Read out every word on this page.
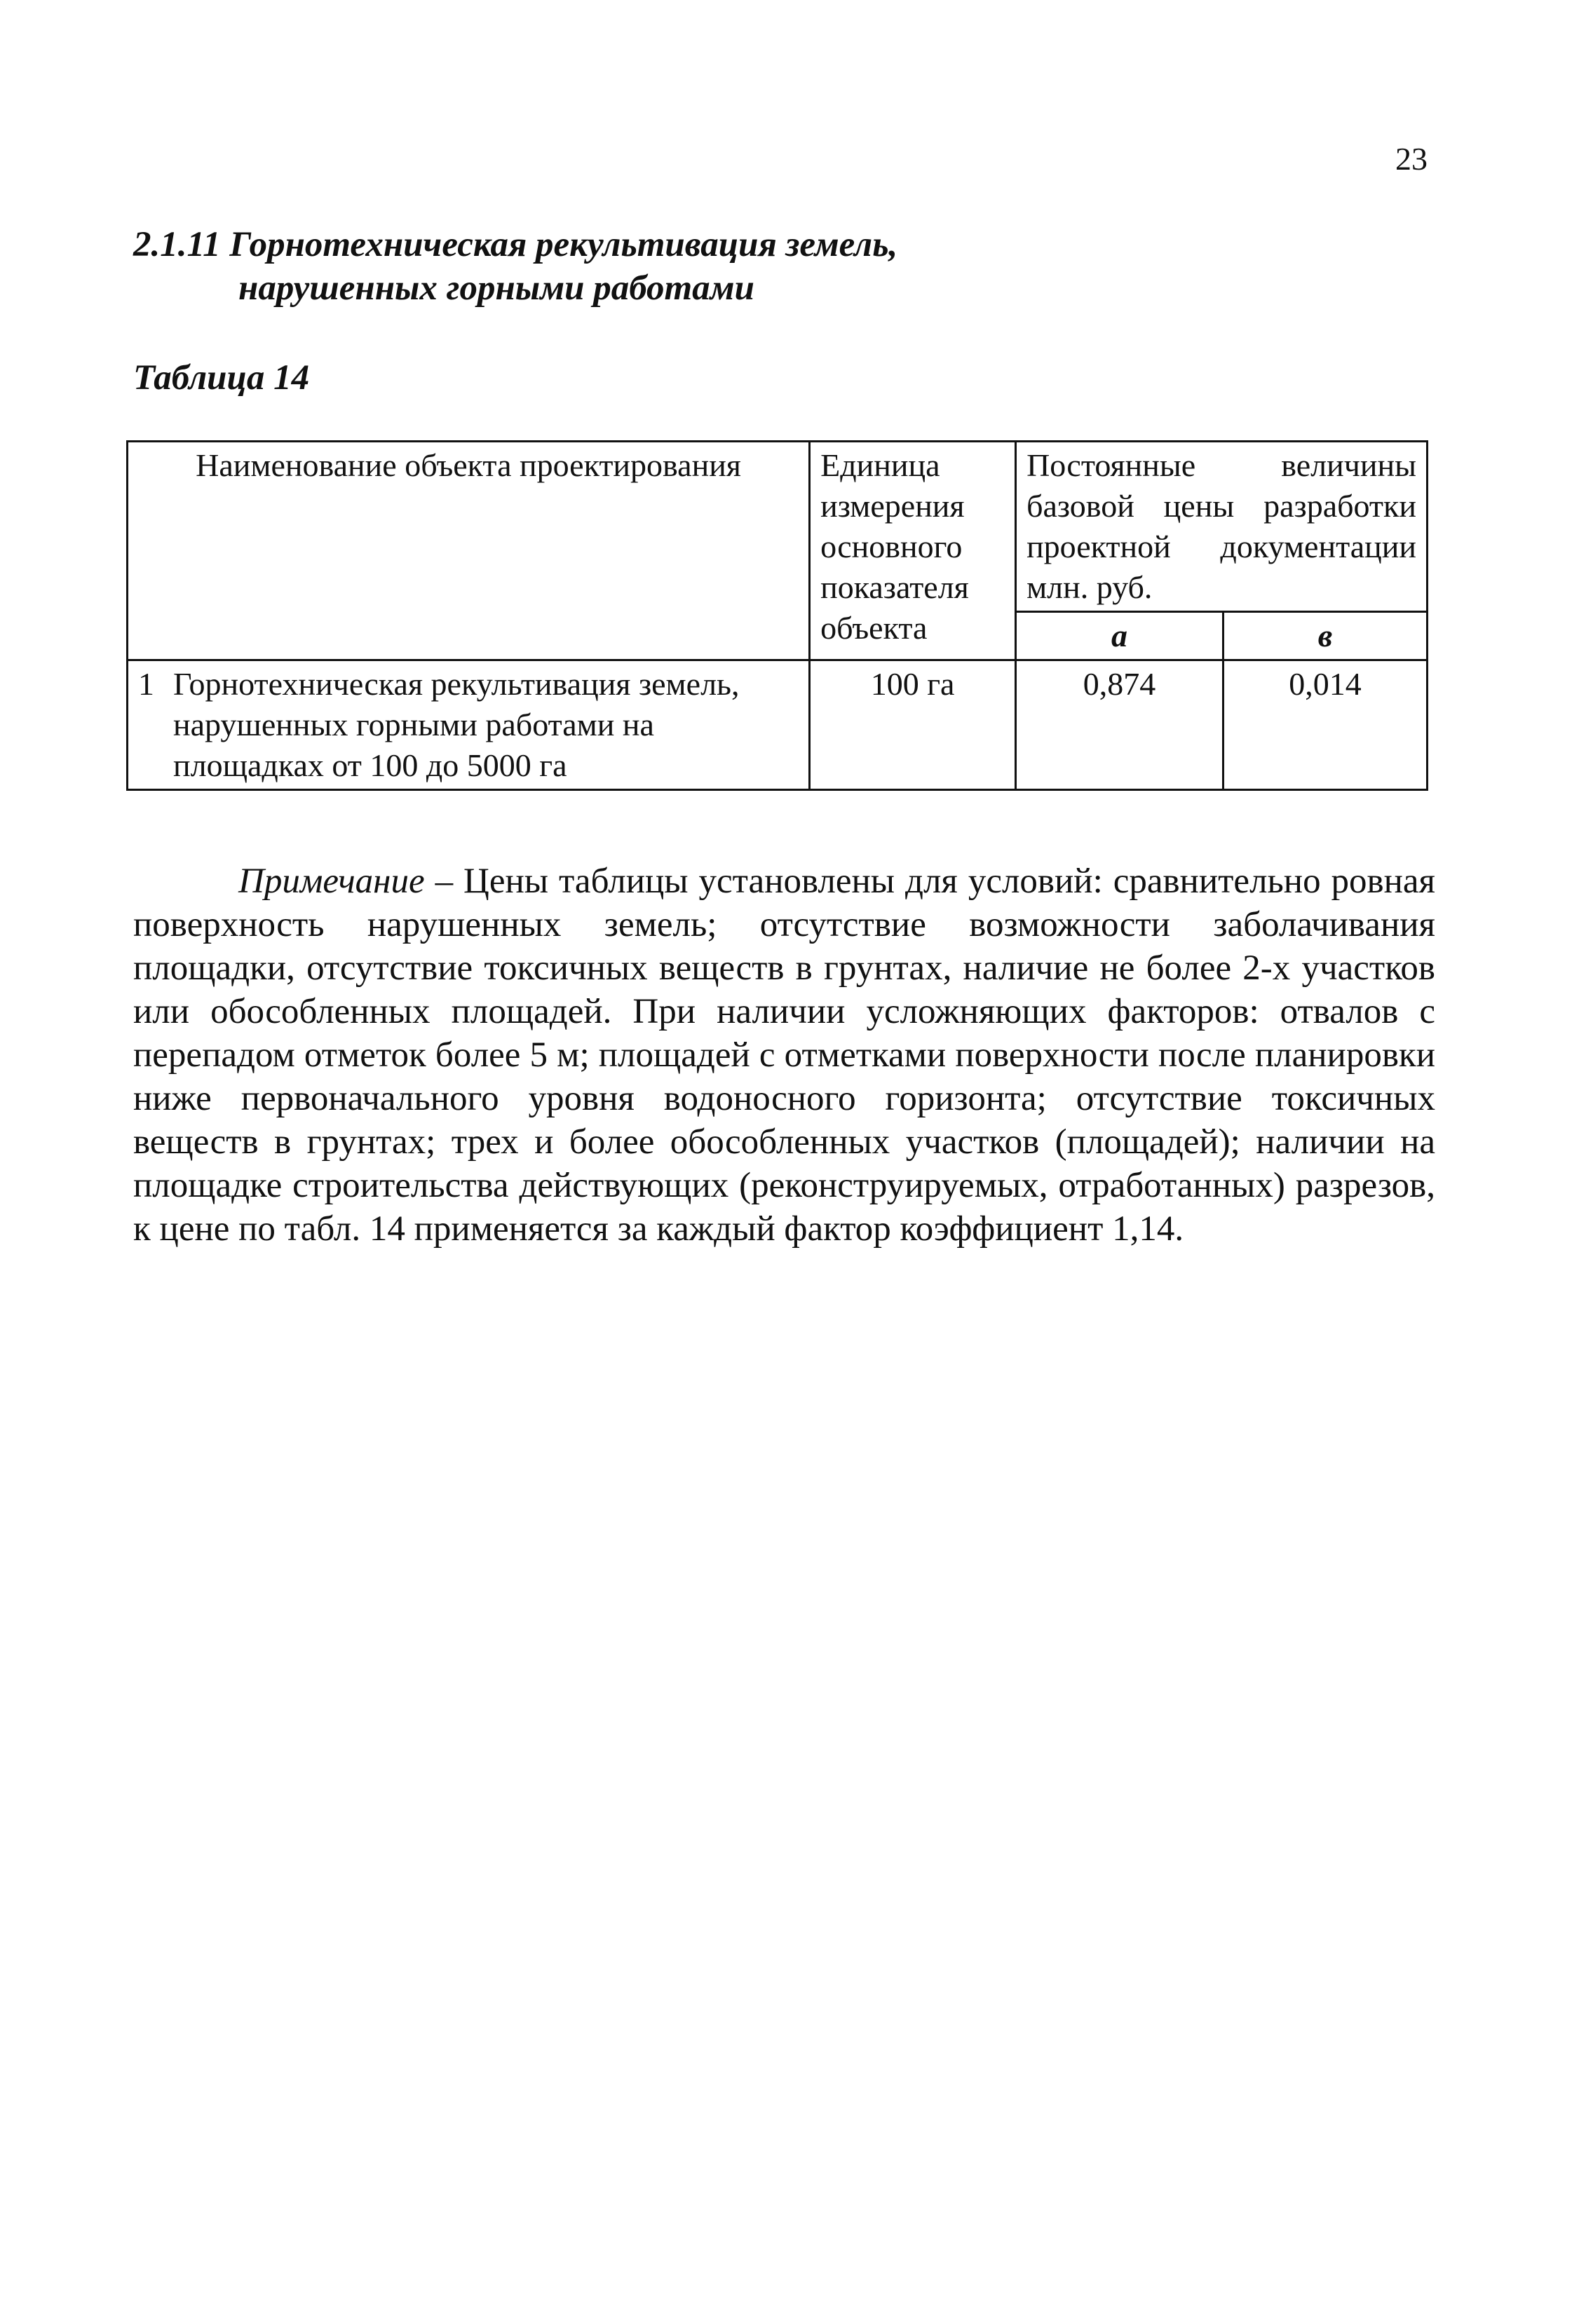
23
2.1.11 Горнотехническая рекультивация земель,
нарушенных горными работами
Таблица 14
Наименование объекта проектирования	Единица измерения основного показателя объекта	Постоянные величины базовой цены разработки проектной документации млн. руб.	
		а	в

1 Горнотехническая рекультивация земель, нарушенных горными работами на площадках от 100 до 5000 га	100 га	0,874	0,014

Примечание – Цены таблицы установлены для условий: сравнительно ровная поверхность нарушенных земель; отсутствие возможности заболачивания площадки, отсутствие токсичных веществ в грунтах, наличие не более 2-х участков или обособленных площадей. При наличии усложняющих факторов: отвалов с перепадом отметок более 5 м; площадей с отметками поверхности после планировки ниже первоначального уровня водоносного горизонта; отсутствие токсичных веществ в грунтах; трех и более обособленных участков (площадей); наличии на площадке строительства действующих (реконструируемых, отработанных) разрезов, к цене по табл. 14 применяется за каждый фактор коэффициент 1,14.
